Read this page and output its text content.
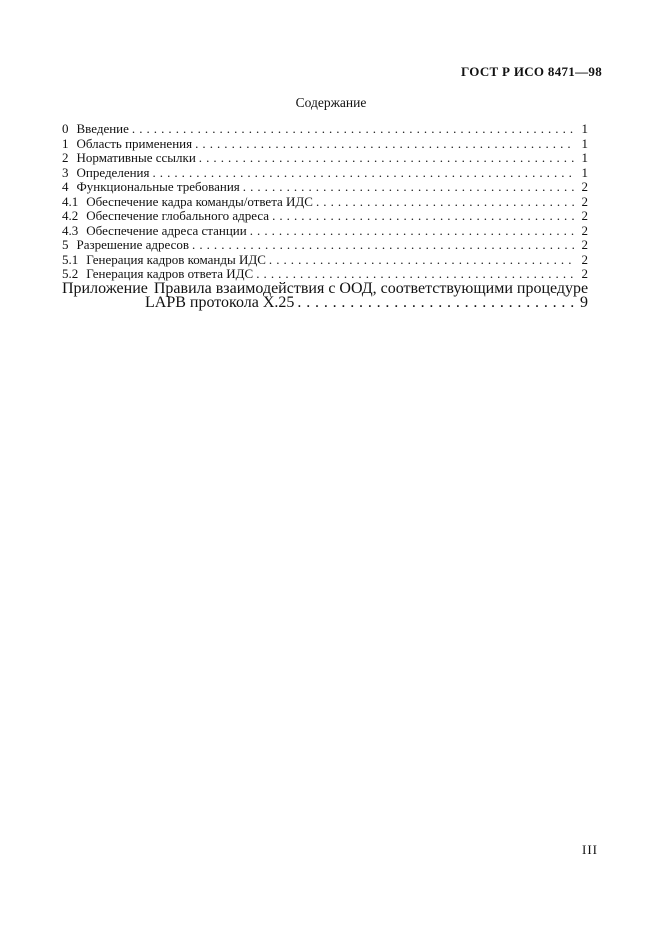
ГОСТ Р ИСО 8471—98
Содержание
0 Введение . . .	1
1 Область применения . . .	1
2 Нормативные ссылки . . .	1
3 Определения . . .	1
4 Функциональные требования . . .	2
4.1 Обеспечение кадра команды/ответа ИДС . . .	2
4.2 Обеспечение глобального адреса . . .	2
4.3 Обеспечение адреса станции . . .	2
5 Разрешение адресов . . .	2
5.1 Генерация кадров команды ИДС . . .	2
5.2 Генерация кадров ответа ИДС . . .	2
Приложение Правила взаимодействия с ООД, соответствующими процедуре
LAPB протокола X.25 . . .	9
III
